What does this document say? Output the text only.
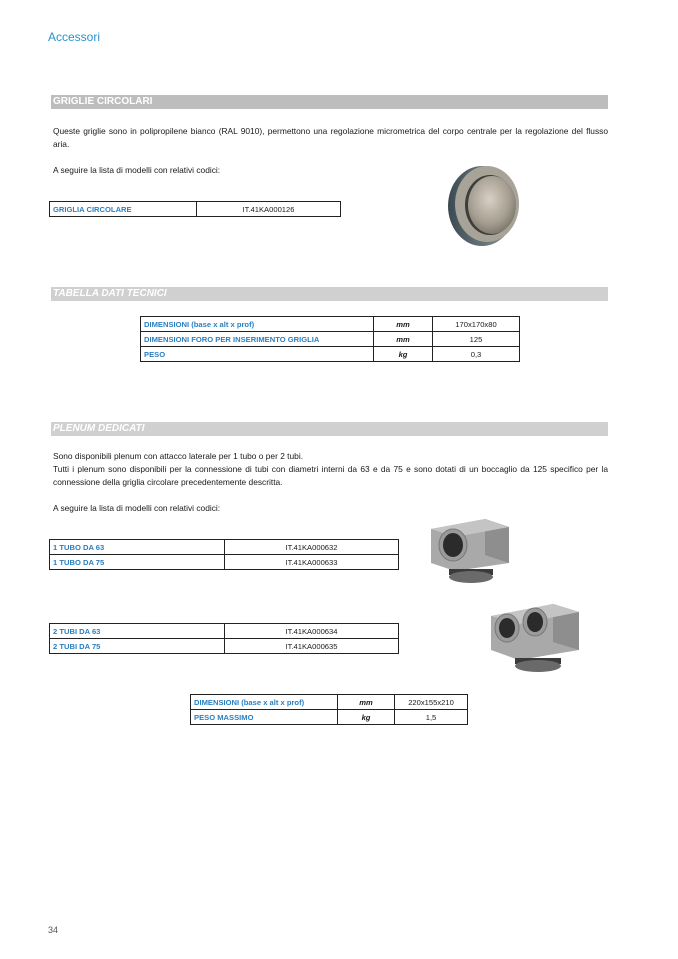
Accessori
GRIGLIE CIRCOLARI

Queste griglie sono in polipropilene bianco (RAL 9010), permettono una regolazione micrometrica del corpo centrale per la regolazione del flusso aria.

A seguire la lista di modelli con relativi codici:
GRIGLIA CIRCOLARE	IT.41KA000126
TABELLA DATI TECNICI
DIMENSIONI (base x alt x prof)	mm	170x170x80
DIMENSIONI FORO PER INSERIMENTO GRIGLIA	mm	125
PESO	kg	0,3
PLENUM DEDICATI

Sono disponibili plenum con attacco laterale per 1 tubo o per 2 tubi.

Tutti i plenum sono disponibili per la connessione di tubi con diametri interni da 63 e da 75 e sono dotati di un boccaglio da 125 specifico per la connessione della griglia circolare precedentemente descritta.

A seguire la lista di modelli con relativi codici:
1 TUBO DA 63	IT.41KA000632
1 TUBO DA 75	IT.41KA000633
2 TUBI DA 63	IT.41KA000634
2 TUBI DA 75	IT.41KA000635
DIMENSIONI (base x alt x prof)	mm	220x155x210
PESO MASSIMO	kg	1,5
34
